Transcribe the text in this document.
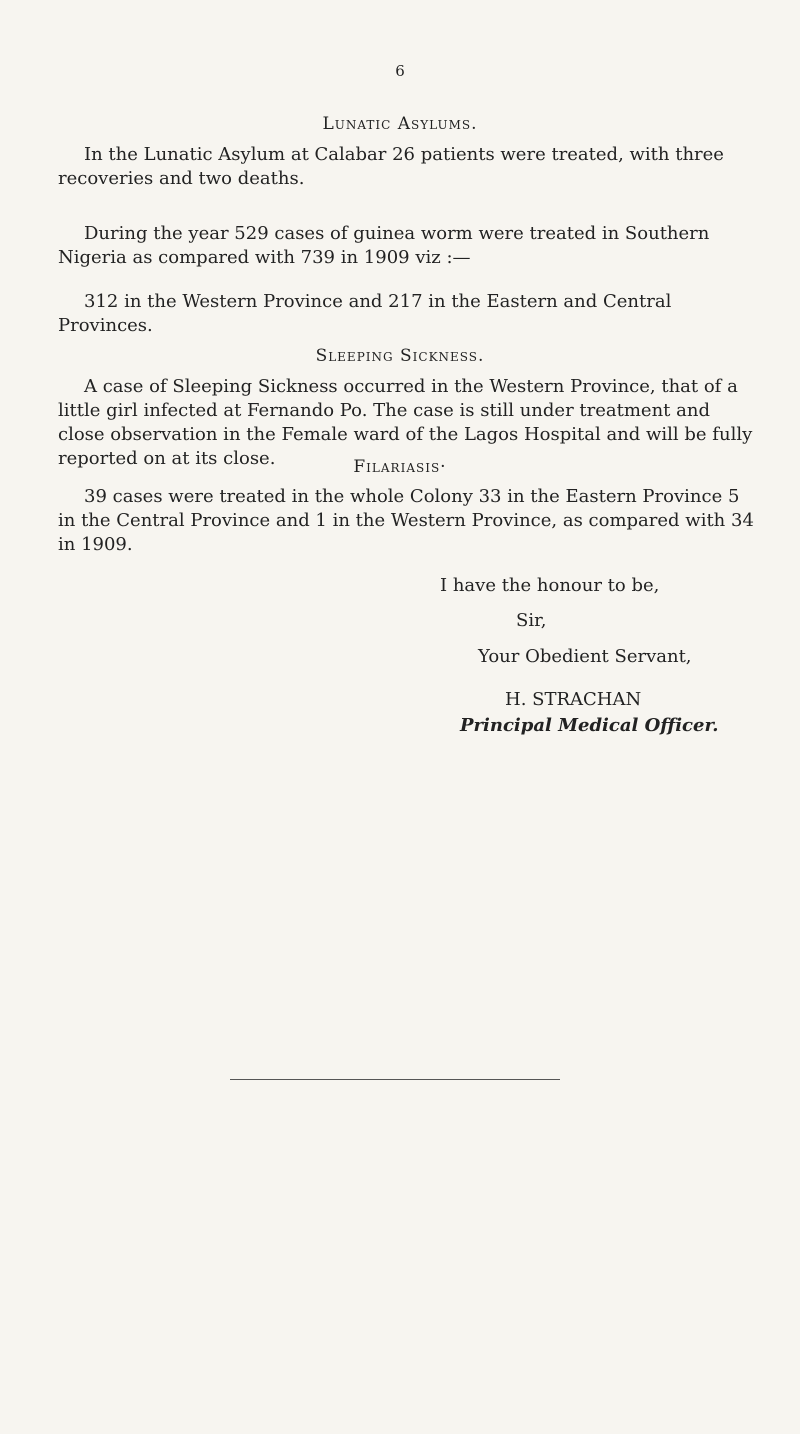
6
Lunatic Asylums.
In the Lunatic Asylum at Calabar 26 patients were treated, with three recoveries and two deaths.
During the year 529 cases of guinea worm were treated in Southern Nigeria as compared with 739 in 1909 viz :—
312 in the Western Province and 217 in the Eastern and Central Provinces.
Sleeping Sickness.
A case of Sleeping Sickness occurred in the Western Province, that of a little girl infected at Fernando Po. The case is still under treatment and close observation in the Female ward of the Lagos Hospital and will be fully reported on at its close.	Filariasis·
39 cases were treated in the whole Colony 33 in the Eastern Province 5 in the Central Province and 1 in the Western Province, as compared with 34 in 1909.
I have the honour to be,
Sir,
Your Obedient Servant,
H. STRACHAN
Principal Medical Officer.
